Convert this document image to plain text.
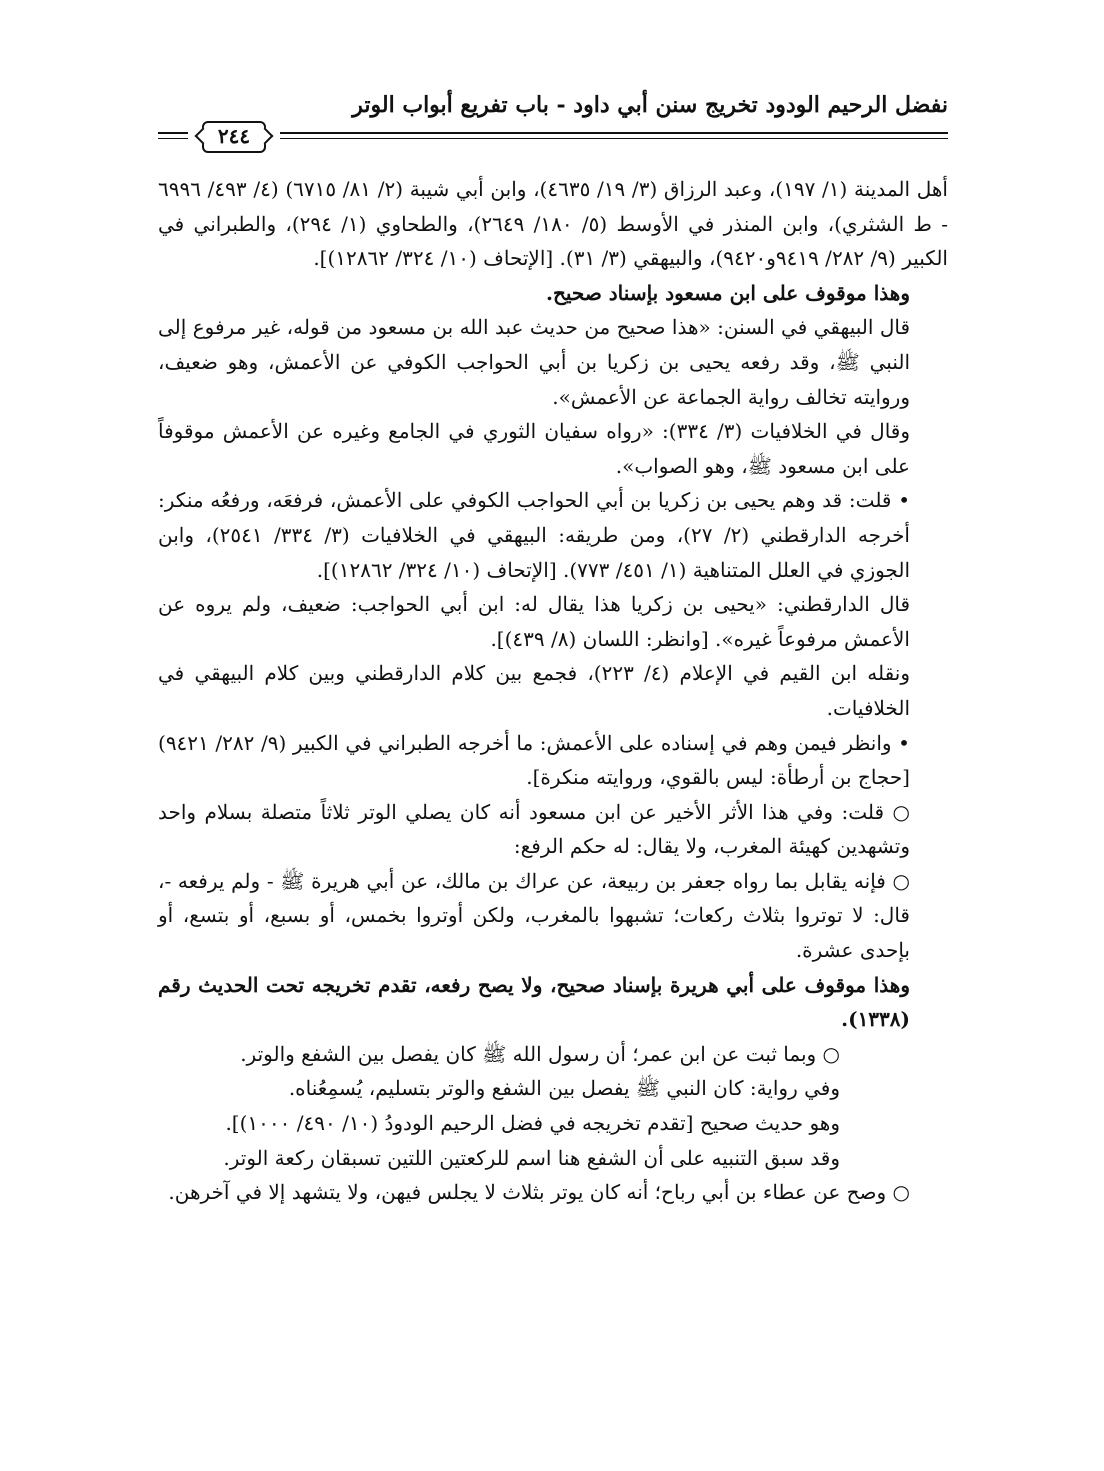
نفضل الرحيم الودود تخريج سنن أبي داود - باب تفريع أبواب الوتر
٢٤٤

أهل المدينة (١/ ١٩٧)، وعبد الرزاق (٣/ ١٩/ ٤٦٣٥)، وابن أبي شيبة (٢/ ٨١/ ٦٧١٥) (٤/ ٤٩٣/ ٦٩٩٦ - ط الشثري)، وابن المنذر في الأوسط (٥/ ١٨٠/ ٢٦٤٩)، والطحاوي (١/ ٢٩٤)، والطبراني في الكبير (٩/ ٢٨٢/ ٩٤١٩و٩٤٢٠)، والبيهقي (٣/ ٣١). [الإتحاف (١٠/ ٣٢٤/ ١٢٨٦٢)].

وهذا موقوف على ابن مسعود بإسناد صحيح.

قال البيهقي في السنن: «هذا صحيح من حديث عبد الله بن مسعود من قوله، غير مرفوع إلى النبي ﷺ، وقد رفعه يحيى بن زكريا بن أبي الحواجب الكوفي عن الأعمش، وهو ضعيف، وروايته تخالف رواية الجماعة عن الأعمش».

وقال في الخلافيات (٣/ ٣٣٤): «رواه سفيان الثوري في الجامع وغيره عن الأعمش موقوفاً على ابن مسعود ﷺ، وهو الصواب».

• قلت: قد وهم يحيى بن زكريا بن أبي الحواجب الكوفي على الأعمش، فرفعَه، ورفعُه منكر: أخرجه الدارقطني (٢/ ٢٧)، ومن طريقه: البيهقي في الخلافيات (٣/ ٣٣٤/ ٢٥٤١)، وابن الجوزي في العلل المتناهية (١/ ٤٥١/ ٧٧٣). [الإتحاف (١٠/ ٣٢٤/ ١٢٨٦٢)].

قال الدارقطني: «يحيى بن زكريا هذا يقال له: ابن أبي الحواجب: ضعيف، ولم يروه عن الأعمش مرفوعاً غيره». [وانظر: اللسان (٨/ ٤٣٩)].

ونقله ابن القيم في الإعلام (٤/ ٢٢٣)، فجمع بين كلام الدارقطني وبين كلام البيهقي في الخلافيات.

• وانظر فيمن وهم في إسناده على الأعمش: ما أخرجه الطبراني في الكبير (٩/ ٢٨٢/ ٩٤٢١) [حجاج بن أرطأة: ليس بالقوي، وروايته منكرة].

○ قلت: وفي هذا الأثر الأخير عن ابن مسعود أنه كان يصلي الوتر ثلاثاً متصلة بسلام واحد وتشهدين كهيئة المغرب، ولا يقال: له حكم الرفع:

○ فإنه يقابل بما رواه جعفر بن ربيعة، عن عراك بن مالك، عن أبي هريرة ﷺ - ولم يرفعه -، قال: لا توتروا بثلاث ركعات؛ تشبهوا بالمغرب، ولكن أوتروا بخمس، أو بسبع، أو بتسع، أو بإحدى عشرة.

وهذا موقوف على أبي هريرة بإسناد صحيح، ولا يصح رفعه، تقدم تخريجه تحت الحديث رقم (١٣٣٨).

○ وبما ثبت عن ابن عمر؛ أن رسول الله ﷺ كان يفصل بين الشفع والوتر.

وفي رواية: كان النبي ﷺ يفصل بين الشفع والوتر بتسليم، يُسمِعُناه.

وهو حديث صحيح [تقدم تخريجه في فضل الرحيم الودودُ (١٠/ ٤٩٠/ ١٠٠٠)].

وقد سبق التنبيه على أن الشفع هنا اسم للركعتين اللتين تسبقان ركعة الوتر.

○ وصح عن عطاء بن أبي رباح؛ أنه كان يوتر بثلاث لا يجلس فيهن، ولا يتشهد إلا في آخرهن.
